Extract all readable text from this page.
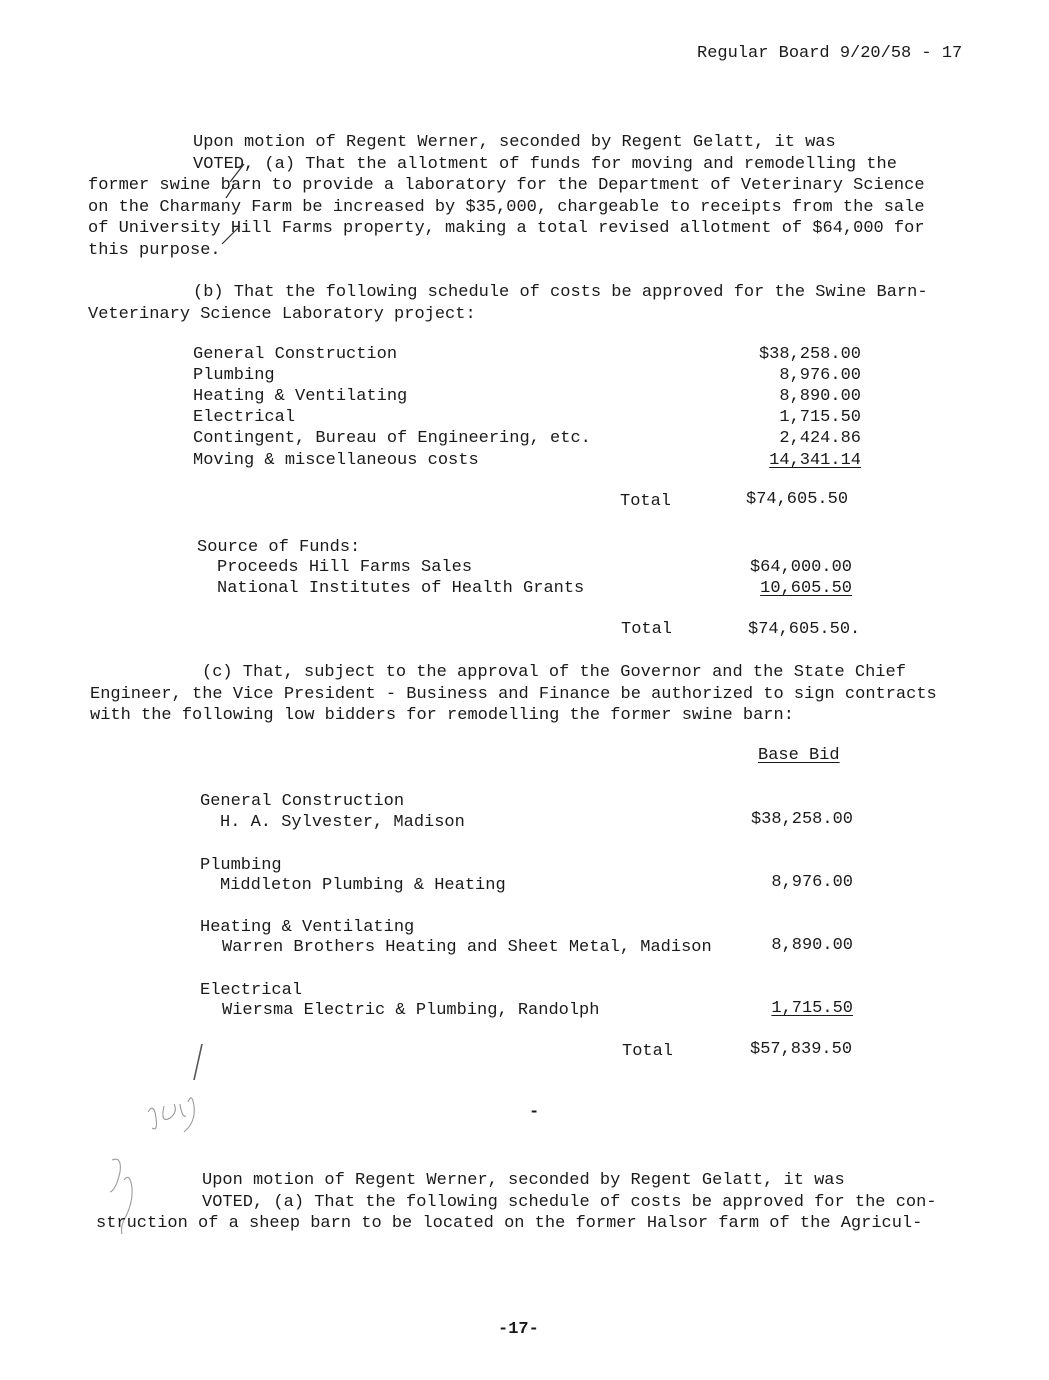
Regular Board 9/20/58 - 17
Upon motion of Regent Werner, seconded by Regent Gelatt, it was
VOTED, (a) That the allotment of funds for moving and remodelling the
former swine barn to provide a laboratory for the Department of Veterinary Science
on the Charmany Farm be increased by $35,000, chargeable to receipts from the sale
of University Hill Farms property, making a total revised allotment of $64,000 for
this purpose.
(b) That the following schedule of costs be approved for the Swine Barn-
Veterinary Science Laboratory project:
General Construction	$38,258.00
Plumbing	8,976.00
Heating & Ventilating	8,890.00
Electrical	1,715.50
Contingent, Bureau of Engineering, etc.	2,424.86
Moving & miscellaneous costs	14,341.14
Total	$74,605.50
Source of Funds:
Proceeds Hill Farms Sales	$64,000.00
National Institutes of Health Grants	10,605.50
Total	$74,605.50.
(c) That, subject to the approval of the Governor and the State Chief
Engineer, the Vice President - Business and Finance be authorized to sign contracts
with the following low bidders for remodelling the former swine barn:
Base Bid
General Construction
H. A. Sylvester, Madison	$38,258.00
Plumbing
Middleton Plumbing & Heating	8,976.00
Heating & Ventilating
Warren Brothers Heating and Sheet Metal, Madison	8,890.00
Electrical
Wiersma Electric & Plumbing, Randolph	1,715.50
Total	$57,839.50
-
Upon motion of Regent Werner, seconded by Regent Gelatt, it was
VOTED, (a) That the following schedule of costs be approved for the con-
struction of a sheep barn to be located on the former Halsor farm of the Agricul-
-17-
